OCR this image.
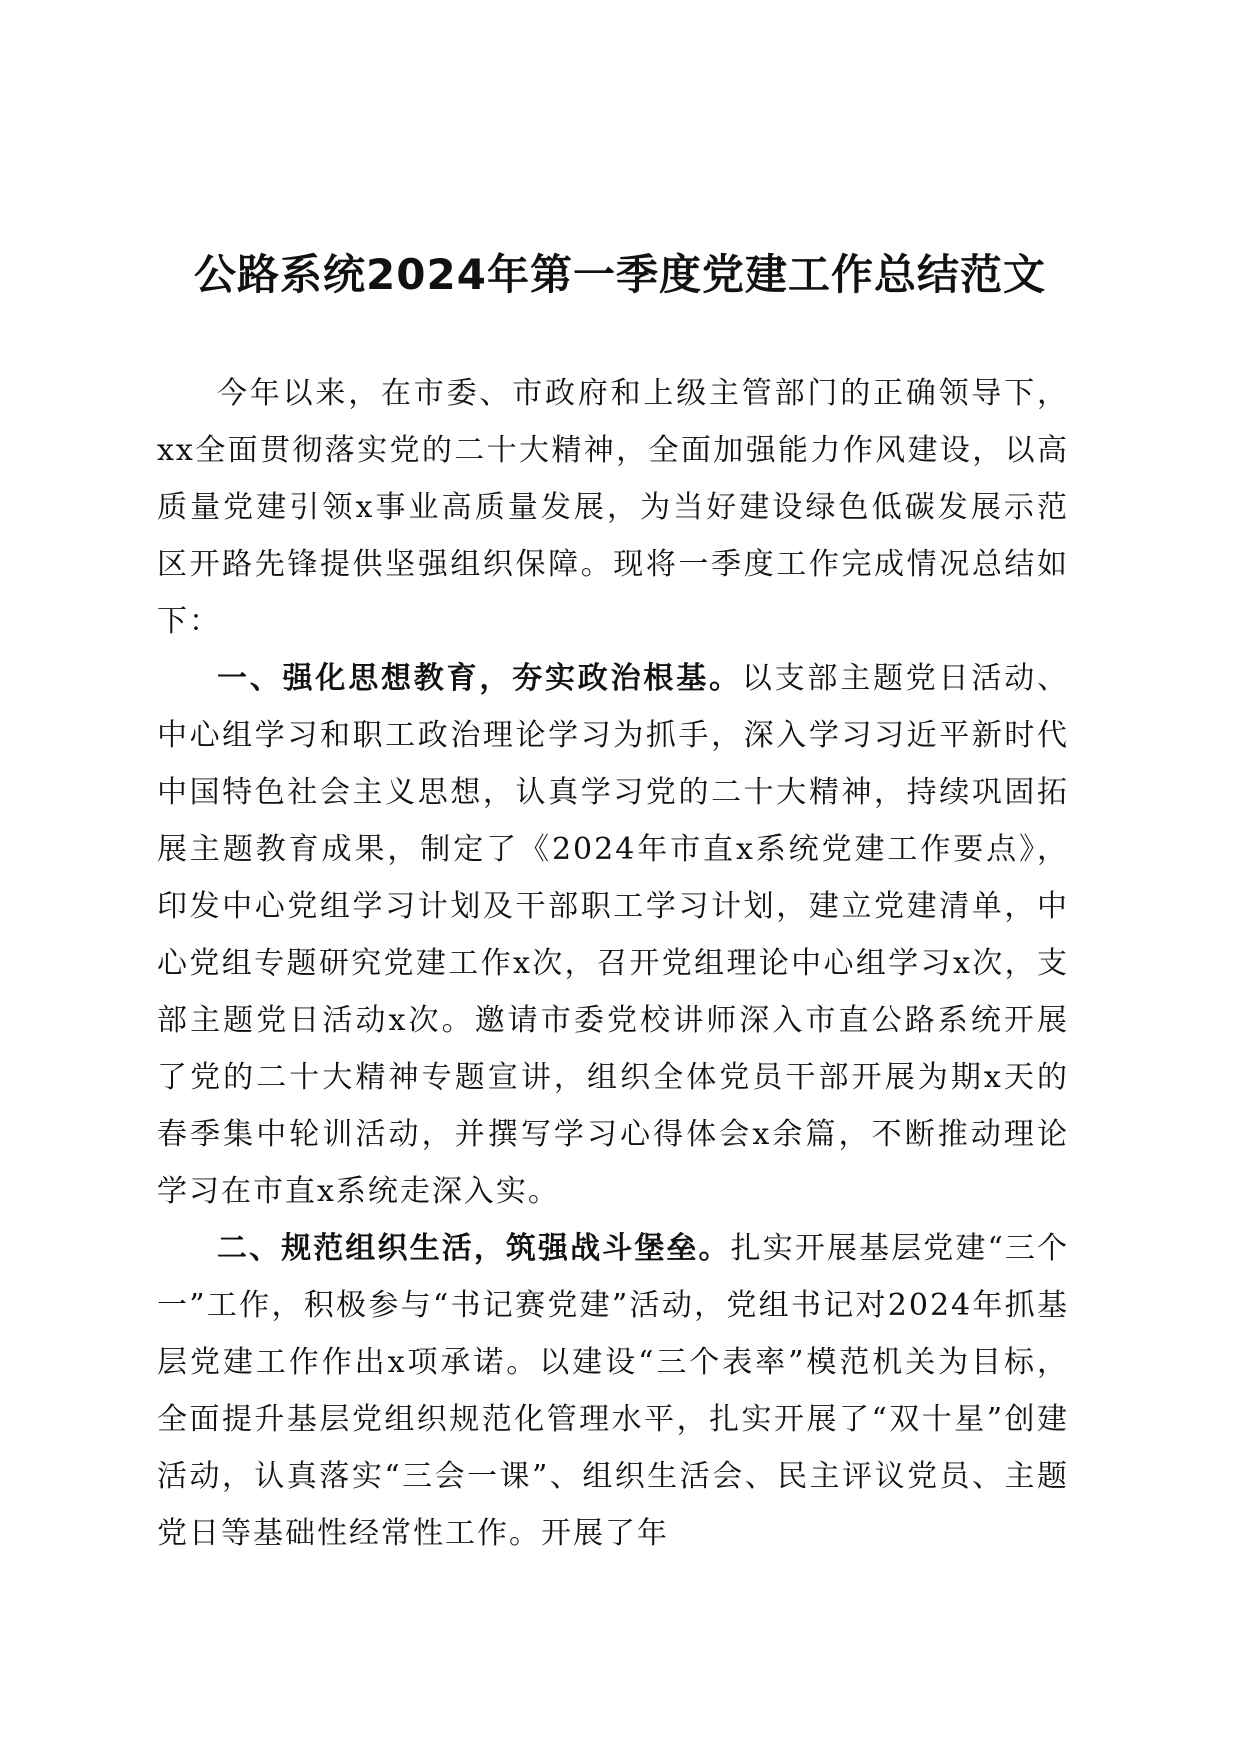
公路系统2024年第一季度党建工作总结范文

今年以来，在市委、市政府和上级主管部门的正确领导下，xx全面贯彻落实党的二十大精神，全面加强能力作风建设，以高质量党建引领x事业高质量发展，为当好建设绿色低碳发展示范区开路先锋提供坚强组织保障。现将一季度工作完成情况总结如下：

一、强化思想教育，夯实政治根基。以支部主题党日活动、中心组学习和职工政治理论学习为抓手，深入学习习近平新时代中国特色社会主义思想，认真学习党的二十大精神，持续巩固拓展主题教育成果，制定了《2024年市直x系统党建工作要点》，印发中心党组学习计划及干部职工学习计划，建立党建清单，中心党组专题研究党建工作x次，召开党组理论中心组学习x次，支部主题党日活动x次。邀请市委党校讲师深入市直公路系统开展了党的二十大精神专题宣讲，组织全体党员干部开展为期x天的春季集中轮训活动，并撰写学习心得体会x余篇，不断推动理论学习在市直x系统走深入实。

二、规范组织生活，筑强战斗堡垒。扎实开展基层党建“三个一”工作，积极参与“书记赛党建”活动，党组书记对2024年抓基层党建工作作出x项承诺。以建设“三个表率”模范机关为目标，全面提升基层党组织规范化管理水平，扎实开展了“双十星”创建活动，认真落实“三会一课”、组织生活会、民主评议党员、主题党日等基础性经常性工作。开展了年
